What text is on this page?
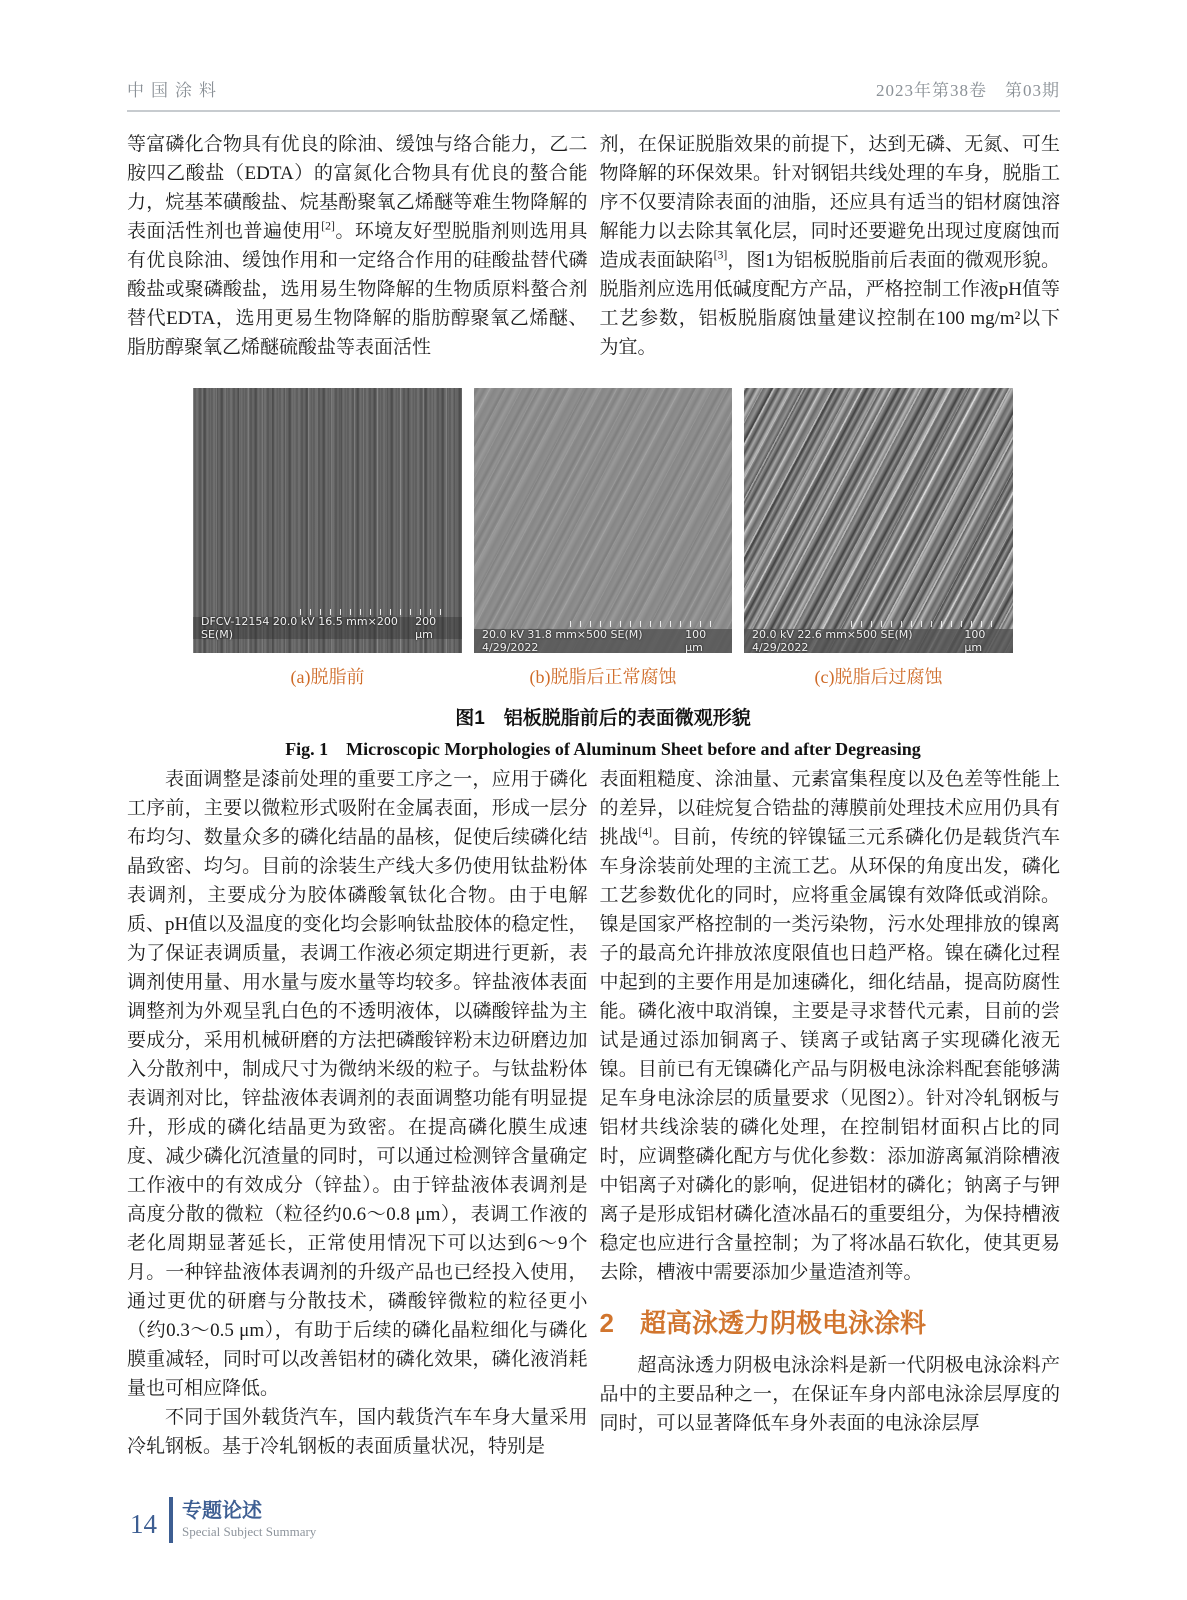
中国涂料	2023年第38卷　第03期

等富磷化合物具有优良的除油、缓蚀与络合能力，乙二胺四乙酸盐（EDTA）的富氮化合物具有优良的螯合能力，烷基苯磺酸盐、烷基酚聚氧乙烯醚等难生物降解的表面活性剂也普遍使用[2]。环境友好型脱脂剂则选用具有优良除油、缓蚀作用和一定络合作用的硅酸盐替代磷酸盐或聚磷酸盐，选用易生物降解的生物质原料螯合剂替代EDTA，选用更易生物降解的脂肪醇聚氧乙烯醚、脂肪醇聚氧乙烯醚硫酸盐等表面活性

剂，在保证脱脂效果的前提下，达到无磷、无氮、可生物降解的环保效果。针对钢铝共线处理的车身，脱脂工序不仅要清除表面的油脂，还应具有适当的铝材腐蚀溶解能力以去除其氧化层，同时还要避免出现过度腐蚀而造成表面缺陷[3]，图1为铝板脱脂前后表面的微观形貌。脱脂剂应选用低碱度配方产品，严格控制工作液pH值等工艺参数，铝板脱脂腐蚀量建议控制在100 mg/m²以下为宜。

DFCV-12154 20.0 kV 16.5 mm×200 SE(M)
200 μm	20.0 kV 31.8 mm×500 SE(M) 4/29/2022
100 μm
20.0 kV 22.6 mm×500 SE(M) 4/29/2022
100 μm
(a)脱脂前	(b)脱脂后正常腐蚀	(c)脱脂后过腐蚀
图1　铝板脱脂前后的表面微观形貌
Fig. 1　Microscopic Morphologies of Aluminum Sheet before and after Degreasing

表面调整是漆前处理的重要工序之一，应用于磷化工序前，主要以微粒形式吸附在金属表面，形成一层分布均匀、数量众多的磷化结晶的晶核，促使后续磷化结晶致密、均匀。目前的涂装生产线大多仍使用钛盐粉体表调剂，主要成分为胶体磷酸氧钛化合物。由于电解质、pH值以及温度的变化均会影响钛盐胶体的稳定性，为了保证表调质量，表调工作液必须定期进行更新，表调剂使用量、用水量与废水量等均较多。锌盐液体表面调整剂为外观呈乳白色的不透明液体，以磷酸锌盐为主要成分，采用机械研磨的方法把磷酸锌粉末边研磨边加入分散剂中，制成尺寸为微纳米级的粒子。与钛盐粉体表调剂对比，锌盐液体表调剂的表面调整功能有明显提升，形成的磷化结晶更为致密。在提高磷化膜生成速度、减少磷化沉渣量的同时，可以通过检测锌含量确定工作液中的有效成分（锌盐）。由于锌盐液体表调剂是高度分散的微粒（粒径约0.6～0.8 μm），表调工作液的老化周期显著延长，正常使用情况下可以达到6～9个月。一种锌盐液体表调剂的升级产品也已经投入使用，通过更优的研磨与分散技术，磷酸锌微粒的粒径更小（约0.3～0.5 μm），有助于后续的磷化晶粒细化与磷化膜重减轻，同时可以改善铝材的磷化效果，磷化液消耗量也可相应降低。

不同于国外载货汽车，国内载货汽车车身大量采用冷轧钢板。基于冷轧钢板的表面质量状况，特别是

表面粗糙度、涂油量、元素富集程度以及色差等性能上的差异，以硅烷复合锆盐的薄膜前处理技术应用仍具有挑战[4]。目前，传统的锌镍锰三元系磷化仍是载货汽车车身涂装前处理的主流工艺。从环保的角度出发，磷化工艺参数优化的同时，应将重金属镍有效降低或消除。镍是国家严格控制的一类污染物，污水处理排放的镍离子的最高允许排放浓度限值也日趋严格。镍在磷化过程中起到的主要作用是加速磷化，细化结晶，提高防腐性能。磷化液中取消镍，主要是寻求替代元素，目前的尝试是通过添加铜离子、镁离子或钴离子实现磷化液无镍。目前已有无镍磷化产品与阴极电泳涂料配套能够满足车身电泳涂层的质量要求（见图2）。针对冷轧钢板与铝材共线涂装的磷化处理，在控制铝材面积占比的同时，应调整磷化配方与优化参数：添加游离氟消除槽液中铝离子对磷化的影响，促进铝材的磷化；钠离子与钾离子是形成铝材磷化渣冰晶石的重要组分，为保持槽液稳定也应进行含量控制；为了将冰晶石软化，使其更易去除，槽液中需要添加少量造渣剂等。

2 超高泳透力阴极电泳涂料

超高泳透力阴极电泳涂料是新一代阴极电泳涂料产品中的主要品种之一，在保证车身内部电泳涂层厚度的同时，可以显著降低车身外表面的电泳涂层厚

14 专题论述
Special Subject Summary
